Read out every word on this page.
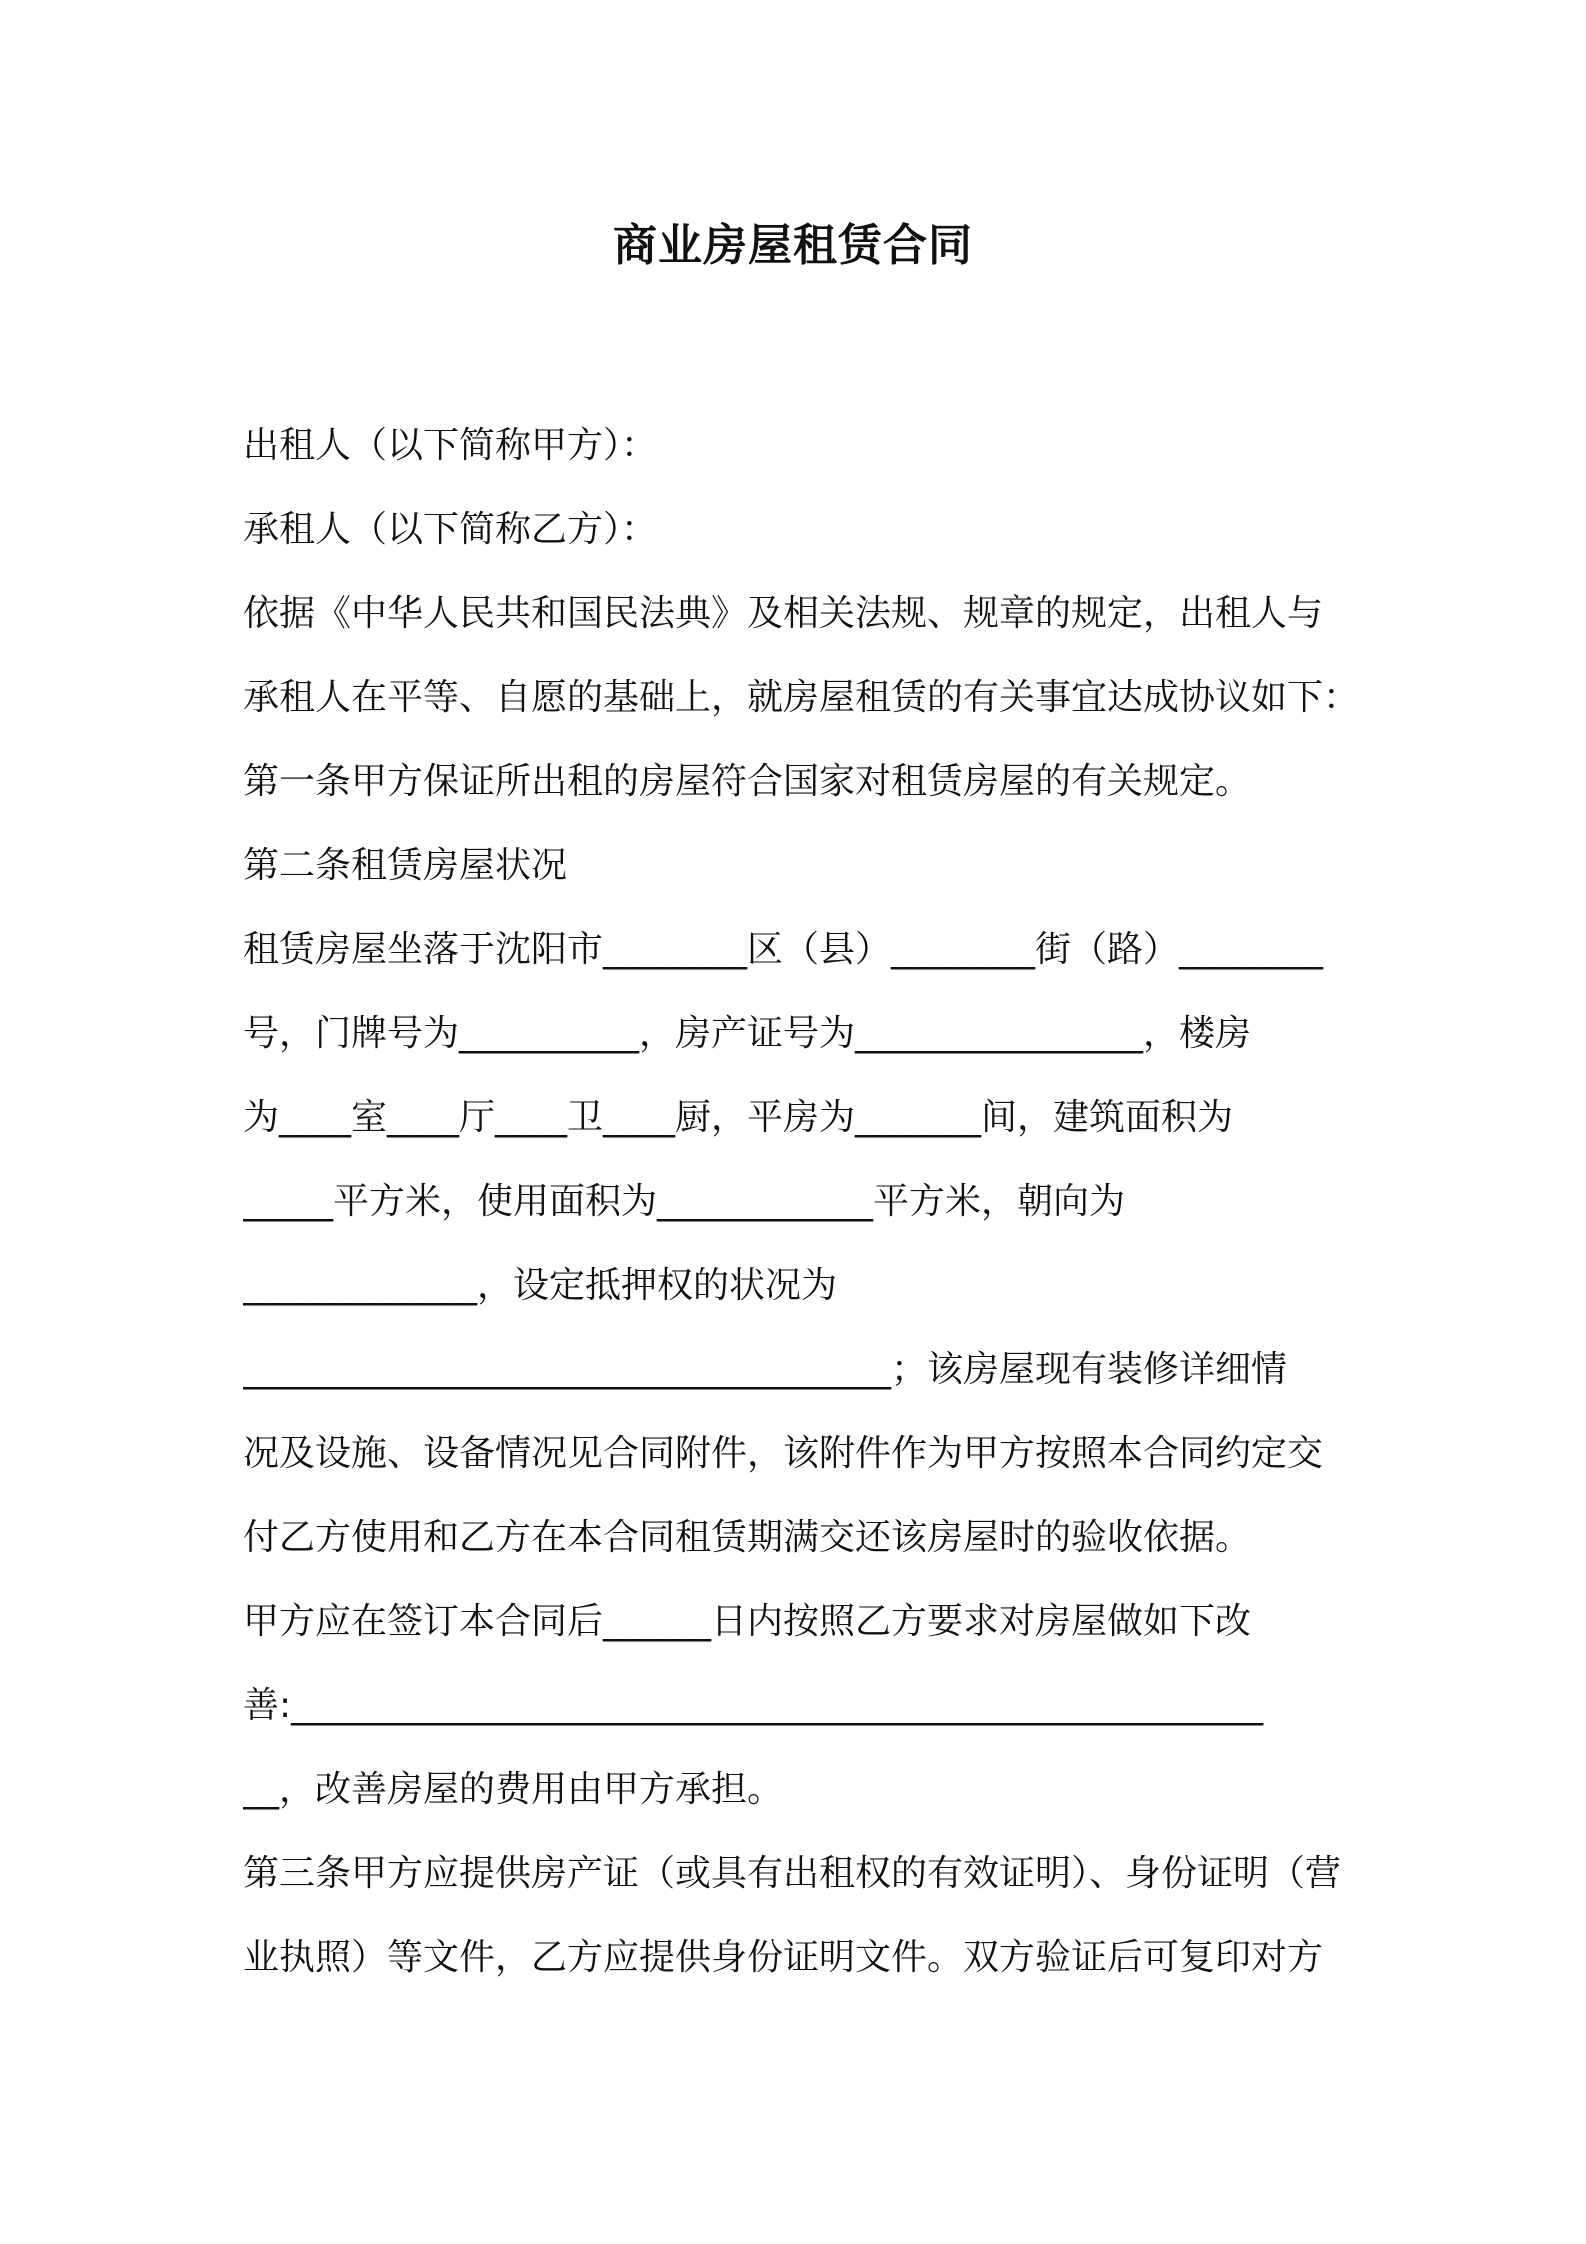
商业房屋租赁合同
出租人（以下简称甲方）：
承租人（以下简称乙方）：
依据《中华人民共和国民法典》及相关法规、规章的规定，出租人与
承租人在平等、自愿的基础上，就房屋租赁的有关事宜达成协议如下：
第一条甲方保证所出租的房屋符合国家对租赁房屋的有关规定。
第二条租赁房屋状况
租赁房屋坐落于沈阳市________区（县）________街（路）________
号，门牌号为__________，房产证号为________________，楼房
为____室____厅____卫____厨，平房为_______间，建筑面积为
_____平方米，使用面积为____________平方米，朝向为
_____________，设定抵押权的状况为
____________________________________；该房屋现有装修详细情
况及设施、设备情况见合同附件，该附件作为甲方按照本合同约定交
付乙方使用和乙方在本合同租赁期满交还该房屋时的验收依据。
甲方应在签订本合同后______日内按照乙方要求对房屋做如下改
善:______________________________________________________
__，改善房屋的费用由甲方承担。
第三条甲方应提供房产证（或具有出租权的有效证明）、身份证明（营
业执照）等文件，乙方应提供身份证明文件。双方验证后可复印对方
